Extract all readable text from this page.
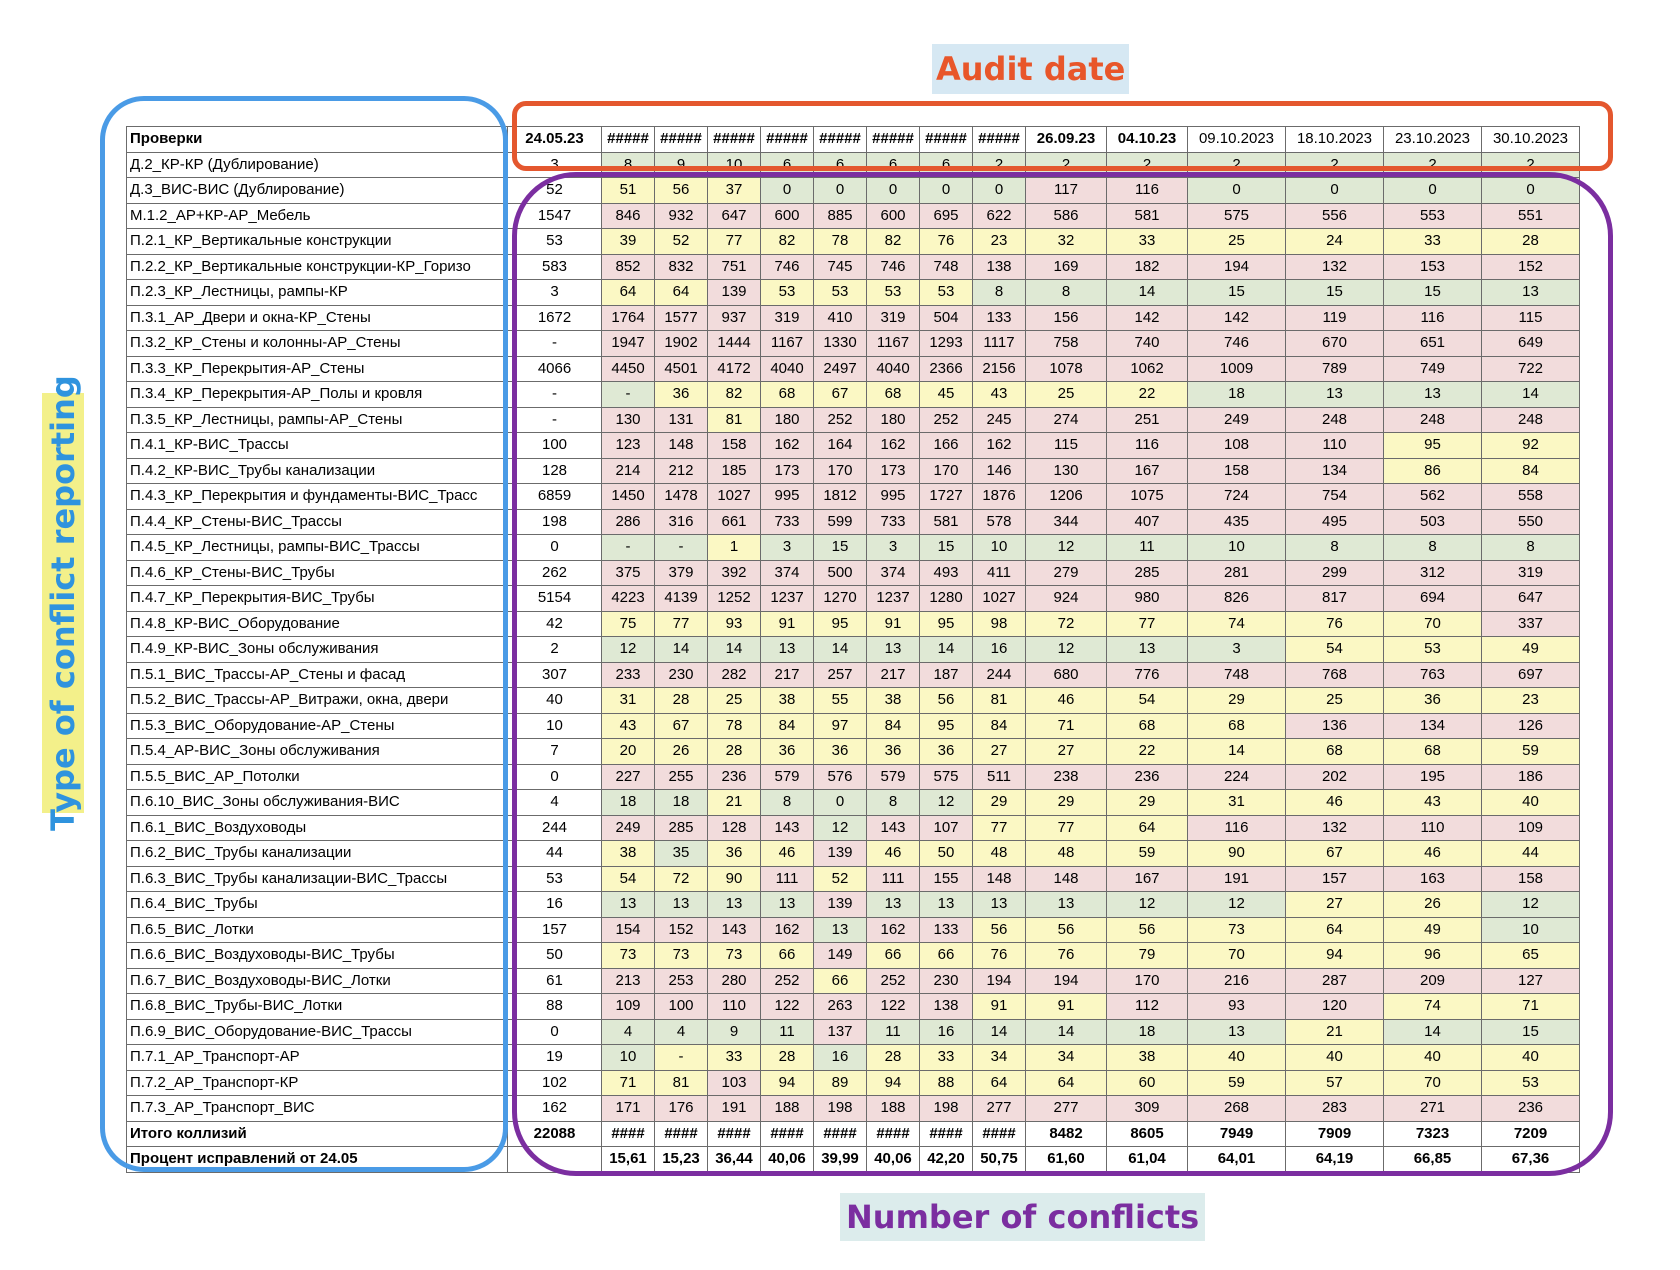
Audit date
Type of conflict reporting
Number of conflicts
Проверки	24.05.23	#####	#####	#####	#####	#####	#####	#####	#####	26.09.23	04.10.23	09.10.2023	18.10.2023	23.10.2023	30.10.2023
Д.2_КР-КР (Дублирование)	3	8	9	10	6	6	6	6	2	2	2	2	2	2	2
Д.3_ВИС-ВИС (Дублирование)	52	51	56	37	0	0	0	0	0	117	116	0	0	0	0
М.1.2_АР+КР-АР_Мебель	1547	846	932	647	600	885	600	695	622	586	581	575	556	553	551
П.2.1_КР_Вертикальные конструкции	53	39	52	77	82	78	82	76	23	32	33	25	24	33	28
П.2.2_КР_Вертикальные конструкции-КР_Горизо	583	852	832	751	746	745	746	748	138	169	182	194	132	153	152
П.2.3_КР_Лестницы, рампы-КР	3	64	64	139	53	53	53	53	8	8	14	15	15	15	13
П.3.1_АР_Двери и окна-КР_Стены	1672	1764	1577	937	319	410	319	504	133	156	142	142	119	116	115
П.3.2_КР_Стены и колонны-АР_Стены	-	1947	1902	1444	1167	1330	1167	1293	1117	758	740	746	670	651	649
П.3.3_КР_Перекрытия-АР_Стены	4066	4450	4501	4172	4040	2497	4040	2366	2156	1078	1062	1009	789	749	722
П.3.4_КР_Перекрытия-АР_Полы и кровля	-	-	36	82	68	67	68	45	43	25	22	18	13	13	14
П.3.5_КР_Лестницы, рампы-АР_Стены	-	130	131	81	180	252	180	252	245	274	251	249	248	248	248
П.4.1_КР-ВИС_Трассы	100	123	148	158	162	164	162	166	162	115	116	108	110	95	92
П.4.2_КР-ВИС_Трубы канализации	128	214	212	185	173	170	173	170	146	130	167	158	134	86	84
П.4.3_КР_Перекрытия и фундаменты-ВИС_Трасс	6859	1450	1478	1027	995	1812	995	1727	1876	1206	1075	724	754	562	558
П.4.4_КР_Стены-ВИС_Трассы	198	286	316	661	733	599	733	581	578	344	407	435	495	503	550
П.4.5_КР_Лестницы, рампы-ВИС_Трассы	0	-	-	1	3	15	3	15	10	12	11	10	8	8	8
П.4.6_КР_Стены-ВИС_Трубы	262	375	379	392	374	500	374	493	411	279	285	281	299	312	319
П.4.7_КР_Перекрытия-ВИС_Трубы	5154	4223	4139	1252	1237	1270	1237	1280	1027	924	980	826	817	694	647
П.4.8_КР-ВИС_Оборудование	42	75	77	93	91	95	91	95	98	72	77	74	76	70	337
П.4.9_КР-ВИС_Зоны обслуживания	2	12	14	14	13	14	13	14	16	12	13	3	54	53	49
П.5.1_ВИС_Трассы-АР_Стены и фасад	307	233	230	282	217	257	217	187	244	680	776	748	768	763	697
П.5.2_ВИС_Трассы-АР_Витражи, окна, двери	40	31	28	25	38	55	38	56	81	46	54	29	25	36	23
П.5.3_ВИС_Оборудование-АР_Стены	10	43	67	78	84	97	84	95	84	71	68	68	136	134	126
П.5.4_АР-ВИС_Зоны обслуживания	7	20	26	28	36	36	36	36	27	27	22	14	68	68	59
П.5.5_ВИС_АР_Потолки	0	227	255	236	579	576	579	575	511	238	236	224	202	195	186
П.6.10_ВИС_Зоны обслуживания-ВИС	4	18	18	21	8	0	8	12	29	29	29	31	46	43	40
П.6.1_ВИС_Воздуховоды	244	249	285	128	143	12	143	107	77	77	64	116	132	110	109
П.6.2_ВИС_Трубы канализации	44	38	35	36	46	139	46	50	48	48	59	90	67	46	44
П.6.3_ВИС_Трубы канализации-ВИС_Трассы	53	54	72	90	111	52	111	155	148	148	167	191	157	163	158
П.6.4_ВИС_Трубы	16	13	13	13	13	139	13	13	13	13	12	12	27	26	12
П.6.5_ВИС_Лотки	157	154	152	143	162	13	162	133	56	56	56	73	64	49	10
П.6.6_ВИС_Воздуховоды-ВИС_Трубы	50	73	73	73	66	149	66	66	76	76	79	70	94	96	65
П.6.7_ВИС_Воздуховоды-ВИС_Лотки	61	213	253	280	252	66	252	230	194	194	170	216	287	209	127
П.6.8_ВИС_Трубы-ВИС_Лотки	88	109	100	110	122	263	122	138	91	91	112	93	120	74	71
П.6.9_ВИС_Оборудование-ВИС_Трассы	0	4	4	9	11	137	11	16	14	14	18	13	21	14	15
П.7.1_АР_Транспорт-АР	19	10	-	33	28	16	28	33	34	34	38	40	40	40	40
П.7.2_АР_Транспорт-КР	102	71	81	103	94	89	94	88	64	64	60	59	57	70	53
П.7.3_АР_Транспорт_ВИС	162	171	176	191	188	198	188	198	277	277	309	268	283	271	236
Итого коллизий	22088	####	####	####	####	####	####	####	####	8482	8605	7949	7909	7323	7209
Процент исправлений от 24.05		15,61	15,23	36,44	40,06	39,99	40,06	42,20	50,75	61,60	61,04	64,01	64,19	66,85	67,36
